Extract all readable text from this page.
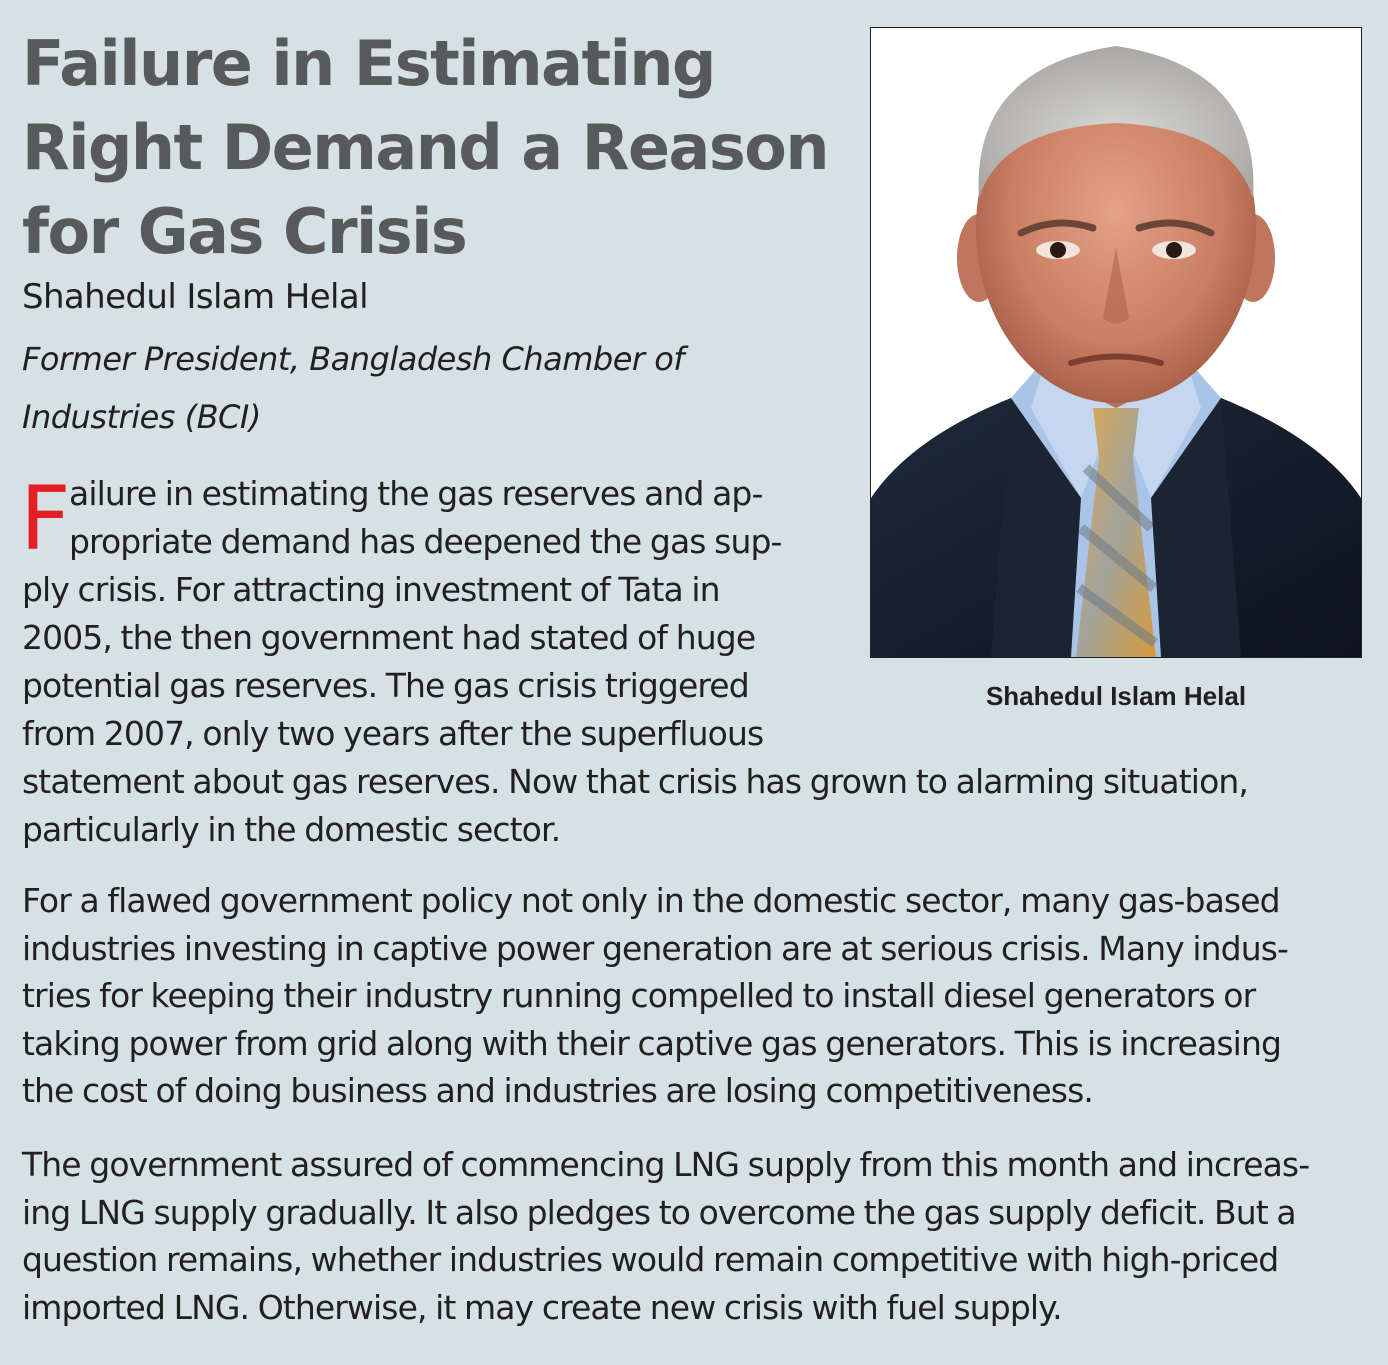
Failure in Estimating
Right Demand a Reason
for Gas Crisis

Shahedul Islam Helal

Former President, Bangladesh Chamber of
Industries (BCI)

Shahedul Islam Helal

F
ailure in estimating the gas reserves and ap-
propriate demand has deepened the gas sup-
ply crisis. For attracting investment of Tata in
2005, the then government had stated of huge
potential gas reserves. The gas crisis triggered
from 2007, only two years after the superfluous
statement about gas reserves. Now that crisis has grown to alarming situation,
particularly in the domestic sector.
For a flawed government policy not only in the domestic sector, many gas-based
industries investing in captive power generation are at serious crisis. Many indus-
tries for keeping their industry running compelled to install diesel generators or
taking power from grid along with their captive gas generators. This is increasing
the cost of doing business and industries are losing competitiveness.
The government assured of commencing LNG supply from this month and increas-
ing LNG supply gradually. It also pledges to overcome the gas supply deficit. But a
question remains, whether industries would remain competitive with high-priced
imported LNG. Otherwise, it may create new crisis with fuel supply.
